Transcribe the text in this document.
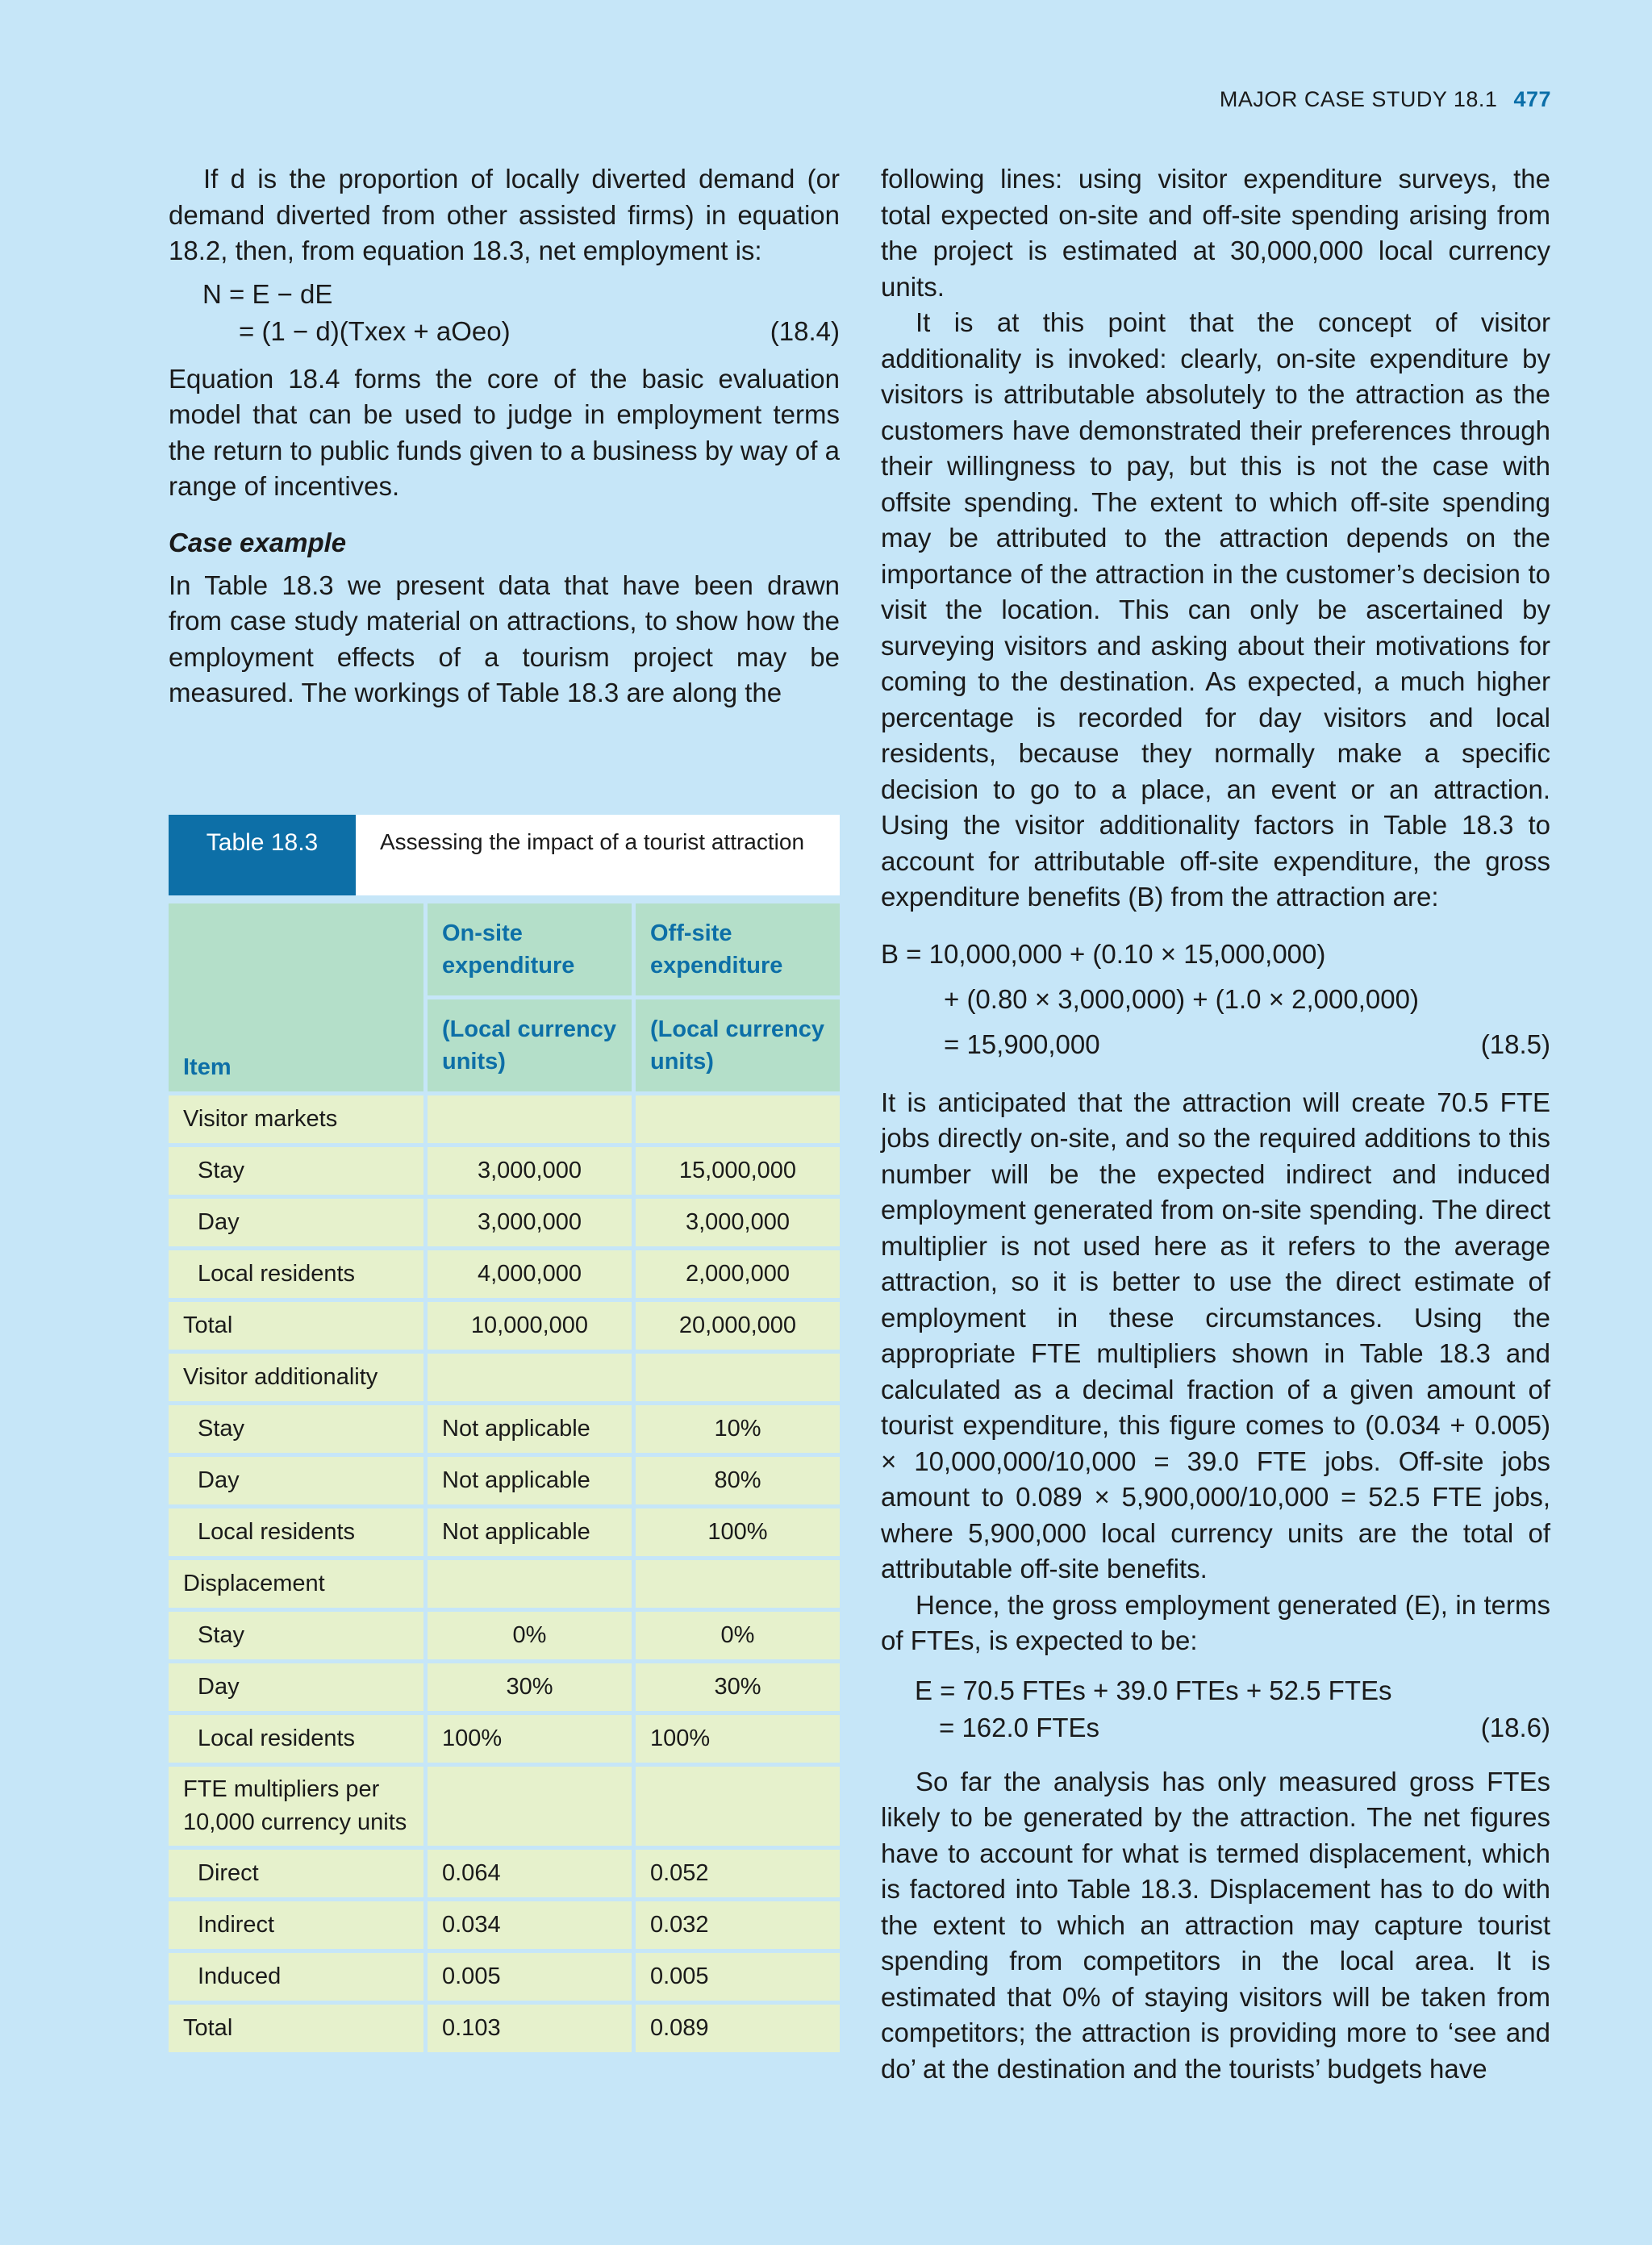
MAJOR CASE STUDY 18.1 477

If d is the proportion of locally diverted demand (or demand diverted from other assisted firms) in equation 18.2, then, from equation 18.3, net employment is:

N = E − dE
= (1 − d)(Txex + aOeo)	(18.4)

Equation 18.4 forms the core of the basic evaluation model that can be used to judge in employment terms the return to public funds given to a business by way of a range of incentives.

Case example

In Table 18.3 we present data that have been drawn from case study material on attractions, to show how the employment effects of a tourism project may be measured. The workings of Table 18.3 are along the

Table 18.3	Assessing the impact of a tourist attraction
Item	On-site expenditure	Off-site expenditure
	(Local currency units)	(Local currency units)
Visitor markets		
Stay	3,000,000	15,000,000
Day	3,000,000	3,000,000
Local residents	4,000,000	2,000,000
Total	10,000,000	20,000,000
Visitor additionality		
Stay	Not applicable	10%
Day	Not applicable	80%
Local residents	Not applicable	100%
Displacement		
Stay	0%	0%
Day	30%	30%
Local residents	100%	100%
FTE multipliers per 10,000 currency units		
Direct	0.064	0.052
Indirect	0.034	0.032
Induced	0.005	0.005
Total	0.103	0.089

following lines: using visitor expenditure surveys, the total expected on-site and off-site spending arising from the project is estimated at 30,000,000 local currency units.

It is at this point that the concept of visitor additionality is invoked: clearly, on-site expenditure by visitors is attributable absolutely to the attraction as the customers have demonstrated their preferences through their willingness to pay, but this is not the case with offsite spending. The extent to which off-site spending may be attributed to the attraction depends on the importance of the attraction in the customer’s decision to visit the location. This can only be ascertained by surveying visitors and asking about their motivations for coming to the destination. As expected, a much higher percentage is recorded for day visitors and local residents, because they normally make a specific decision to go to a place, an event or an attraction. Using the visitor additionality factors in Table 18.3 to account for attributable off-site expenditure, the gross expenditure benefits (B) from the attraction are:

B = 10,000,000 + (0.10 × 15,000,000)
+ (0.80 × 3,000,000) + (1.0 × 2,000,000)
= 15,900,000	(18.5)

It is anticipated that the attraction will create 70.5 FTE jobs directly on-site, and so the required additions to this number will be the expected indirect and induced employment generated from on-site spending. The direct multiplier is not used here as it refers to the average attraction, so it is better to use the direct estimate of employment in these circumstances. Using the appropriate FTE multipliers shown in Table 18.3 and calculated as a decimal fraction of a given amount of tourist expenditure, this figure comes to (0.034 + 0.005) × 10,000,000/10,000 = 39.0 FTE jobs. Off-site jobs amount to 0.089 × 5,900,000/10,000 = 52.5 FTE jobs, where 5,900,000 local currency units are the total of attributable off-site benefits.

Hence, the gross employment generated (E), in terms of FTEs, is expected to be:

E = 70.5 FTEs + 39.0 FTEs + 52.5 FTEs
= 162.0 FTEs	(18.6)

So far the analysis has only measured gross FTEs likely to be generated by the attraction. The net figures have to account for what is termed displacement, which is factored into Table 18.3. Displacement has to do with the extent to which an attraction may capture tourist spending from competitors in the local area. It is estimated that 0% of staying visitors will be taken from competitors; the attraction is providing more to ‘see and do’ at the destination and the tourists’ budgets have
